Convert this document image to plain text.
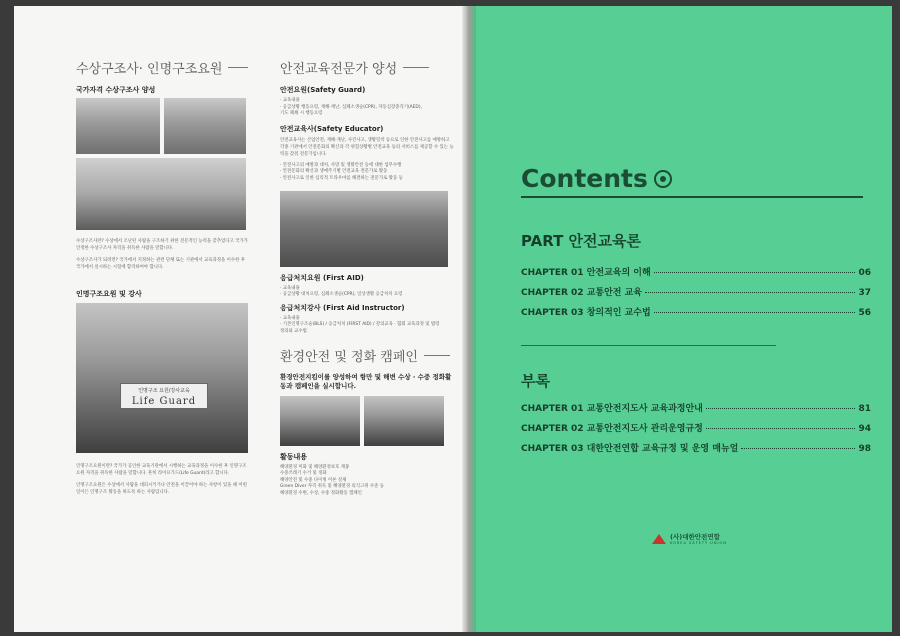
수상구조사· 인명구조요원
국가자격 수상구조사 양성

수상구조사란? 수상에서 조난된 사람을 구조하기 위한 전문적인 능력을 갖추었다고 국가가 인정한 수상구조사 자격을 취득한 사람을 말합니다.

수상구조사가 되려면? 국가에서 지정하는 관련 단체 또는 기관에서 교육과정을 이수한 후 국가에서 실시하는 시험에 합격하여야 합니다.

인명구조요원 및 강사
인명구조 요원/강사교육
Life Guard

인명구조요원이란? 국가가 공인한 교육기관에서 시행하는 교육과정을 이수한 후 인명구조요원 자격을 취득한 사람을 말합니다. 흔히 라이프가드(Life Guard)라고 합니다.

인명구조요원은 수상에서 사람을 대피시키거나 안전을 이끌어야 하는 사항이 있을 때 어떤 일이든 인명구조 활동을 하도록 하는 사람입니다.

안전교육전문가 양성
안전요원(Safety Guard)
· 교육내용
· 응급상황 행동요령, 재해·재난, 심폐소생술(CPR), 자동심장충격기(AED),
기도 폐쇄 시 행동요령
안전교육사(Safety Educator)

안전교육사는 산업안전, 재해·재난, 사건사고, 생활밀착 등으로 인한 안전사고를 예방하고 각종 기관에서 안전문화의 확산과 각 위험상황별 안전교육 등의 서비스를 제공할 수 있는 능력을 갖춰 전문가입니다.

· 안전사고의 예방과 대처, 사망 및 생활안전 등에 대한 업무수행
· 안전문화의 확산과 생애주기별 안전교육 전문가로 활동
· 안전사고로 인한 심리적 트라우마를 해결하는 전문가로 활동 등
응급처치요원 (First AID)
· 교육내용
· 응급상황 대처요령, 심폐소생술(CPR), 일상생활 응급처치 요령
응급처치강사 (First Aid Instructor)
· 교육내용
· 기본인명구조술(BLS) / 응급처치 (FIRST AID) / 강의교육 · 협회 교육과정 및 법령
정의와 교수법
환경안전 및 정화 캠페인
환경안전지킴이를 양성하여 항만 및 해변 수상 · 수중 정화활동과 캠페인을 실시합니다.
활동내용
해양환경 미화 및 해양환경보호 계몽
수중쓰레기 수거 및 정화
해양안전 및 수중 다이빙 이론 실제
Green Diver 자격 취득 및 해양환경 의식고취 수준 등
해양환경 수변, 수상, 수중 정화활동 캠페인
Contents
PART 안전교육론
CHAPTER 01 안전교육의 이해	06
CHAPTER 02 교통안전 교육	37
CHAPTER 03 창의적인 교수법	56
부록
CHAPTER 01 교통안전지도사 교육과정안내	81
CHAPTER 02 교통안전지도사 관리운영규정	94
CHAPTER 03 대한안전연합 교육규정 및 운영 매뉴얼	98
(사)대한안전연합
KOREA SAFETY UNION
